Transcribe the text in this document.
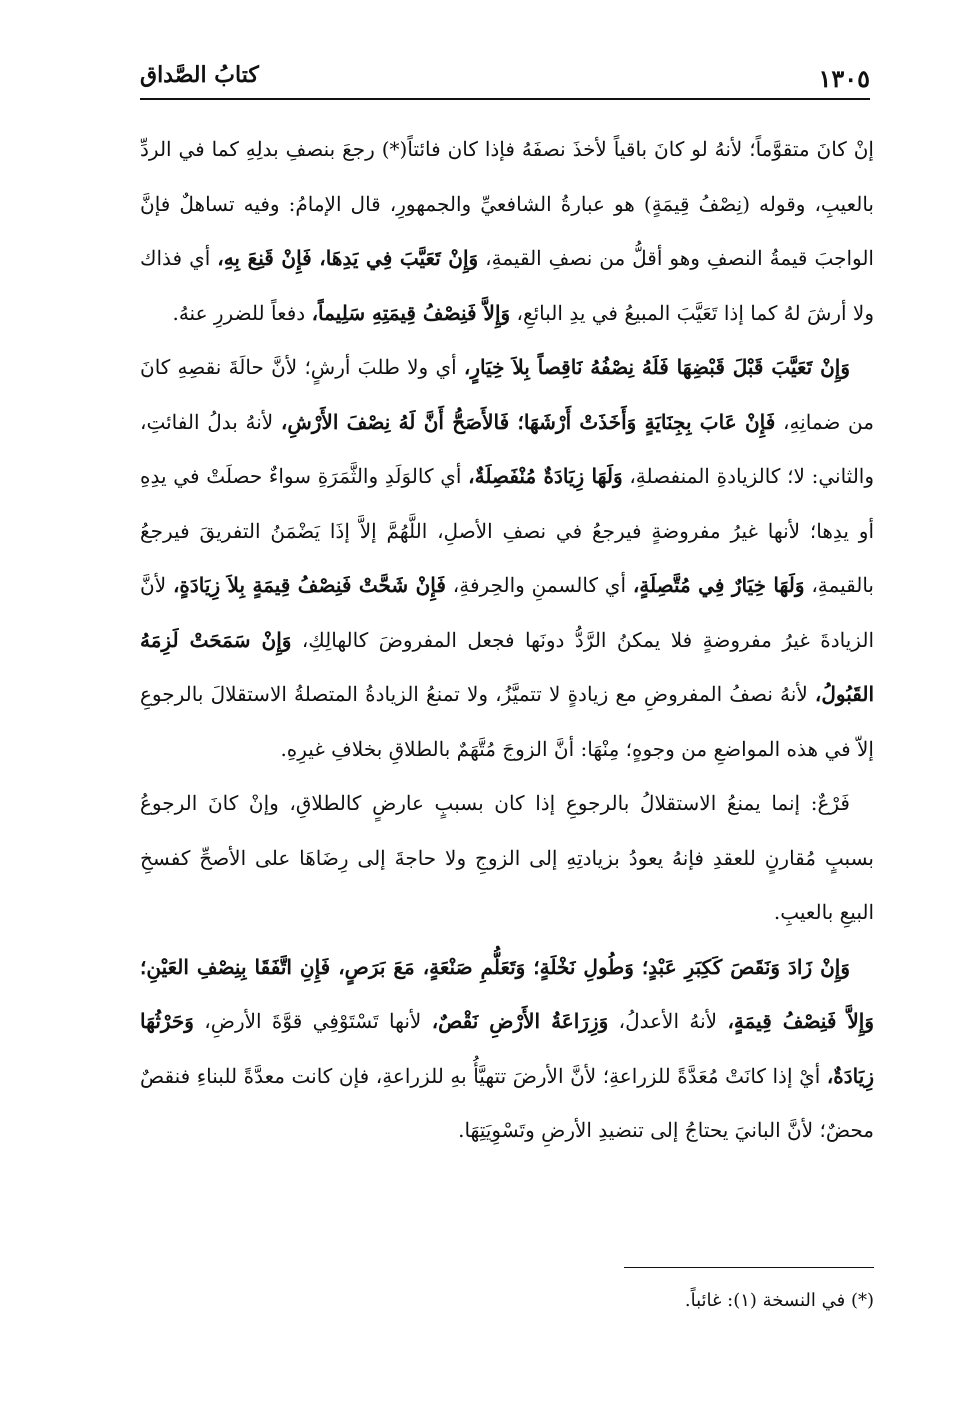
١٣٠٥
كتابُ الصَّداق

إنْ كانَ متقوَّماً؛ لأنهُ لو كانَ باقياً لأخذَ نصفَهُ فإذا كان فائتاً(*) رجعَ بنصفِ بدلِهِ كما في الردِّ بالعيبِ، وقوله (نِصْفُ قِيمَةٍ) هو عبارةُ الشافعيِّ والجمهورِ، قال الإمامُ: وفيه تساهلٌ فإنَّ الواجبَ قيمةُ النصفِ وهو أقلُّ من نصفِ القيمةِ، وَإِنْ تَعَيَّبَ فِي يَدِهَا، فَإِنْ قَنِعَ بِهِ، أي فذاك ولا أرشَ لهُ كما إذا تَعَيَّبَ المبيعُ في يدِ البائعِ، وَإِلاَّ فَنِصْفُ قِيمَتِهِ سَلِيماً، دفعاً للضررِ عنهُ.

وَإِنْ تَعَيَّبَ قَبْلَ قَبْضِهَا فَلَهُ نِصْفُهُ نَاقِصاً بِلاَ خِيَارٍ، أي ولا طلبَ أرشٍ؛ لأنَّ حالَةَ نقصِهِ كانَ من ضمانِهِ، فَإِنْ عَابَ بِجِنَايَةٍ وَأَخَذَتْ أَرْشَهَا؛ فَالأَصَحُّ أَنَّ لَهُ نِصْفَ الأَرْشِ، لأنهُ بدلُ الفائتِ، والثاني: لا؛ كالزيادةِ المنفصلةِ، وَلَهَا زِيَادَةٌ مُنْفَصِلَةٌ، أي كالوَلَدِ والثَّمَرَةِ سواءٌ حصلَتْ في يدِهِ أو يدِها؛ لأنها غيرُ مفروضةٍ فيرجعُ في نصفِ الأصلِ، اللَّهُمَّ إلاَّ إذَا يَضْمَنُ التفريقَ فيرجعُ بالقيمةِ، وَلَهَا خِيَارٌ فِي مُتَّصِلَةٍ، أي كالسمنِ والحِرفةِ، فَإِنْ شَحَّتْ فَنِصْفُ قِيمَةٍ بِلاَ زِيَادَةٍ، لأنَّ الزيادةَ غيرُ مفروضةٍ فلا يمكنُ الرَّدُّ دونَها فجعل المفروضَ كالهالِكِ، وَإِنْ سَمَحَتْ لَزِمَهُ القَبُولُ، لأنهُ نصفُ المفروضِ مع زيادةٍ لا تتميَّزُ، ولا تمنعُ الزيادةُ المتصلةُ الاستقلالَ بالرجوعِ إلاّ في هذه المواضعِ من وجوهٍ؛ مِنْهَا: أنَّ الزوجَ مُتَّهَمٌ بالطلاقِ بخلافِ غيرِهِ.

فَرْعٌ: إنما يمنعُ الاستقلالُ بالرجوعِ إذا كان بسببٍ عارضٍ كالطلاقِ، وإنْ كانَ الرجوعُ بسببٍ مُقارنٍ للعقدِ فإنهُ يعودُ بزيادتِهِ إلى الزوجِ ولا حاجةَ إلى رِضَاهَا على الأصحِّ كفسخِ البيعِ بالعيبِ.

وَإِنْ زَادَ وَنَقَصَ كَكِبَرِ عَبْدٍ؛ وَطُولِ نَخْلَةٍ؛ وَتَعَلُّمِ صَنْعَةٍ، مَعَ بَرَصٍ، فَإِنِ اتَّفَقَا بِنِصْفِ العَيْنِ؛ وَإِلاَّ فَنِصْفُ قِيمَةٍ، لأنهُ الأعدلُ، وَزِرَاعَةُ الأَرْضِ نَقْصٌ، لأنها تَسْتَوْفِي قوَّةَ الأرضِ، وَحَرْثُهَا زِيَادَةٌ، أيْ إذا كانَتْ مُعَدَّةً للزراعةِ؛ لأنَّ الأرضَ تتهيَّأُ بهِ للزراعةِ، فإن كانت معدَّةً للبناءِ فنقصٌ محضٌ؛ لأنَّ البانيَ يحتاجُ إلى تنضيدِ الأرضِ وتَسْوِيَتِهَا.

(*) في النسخة (١): غائباً.
